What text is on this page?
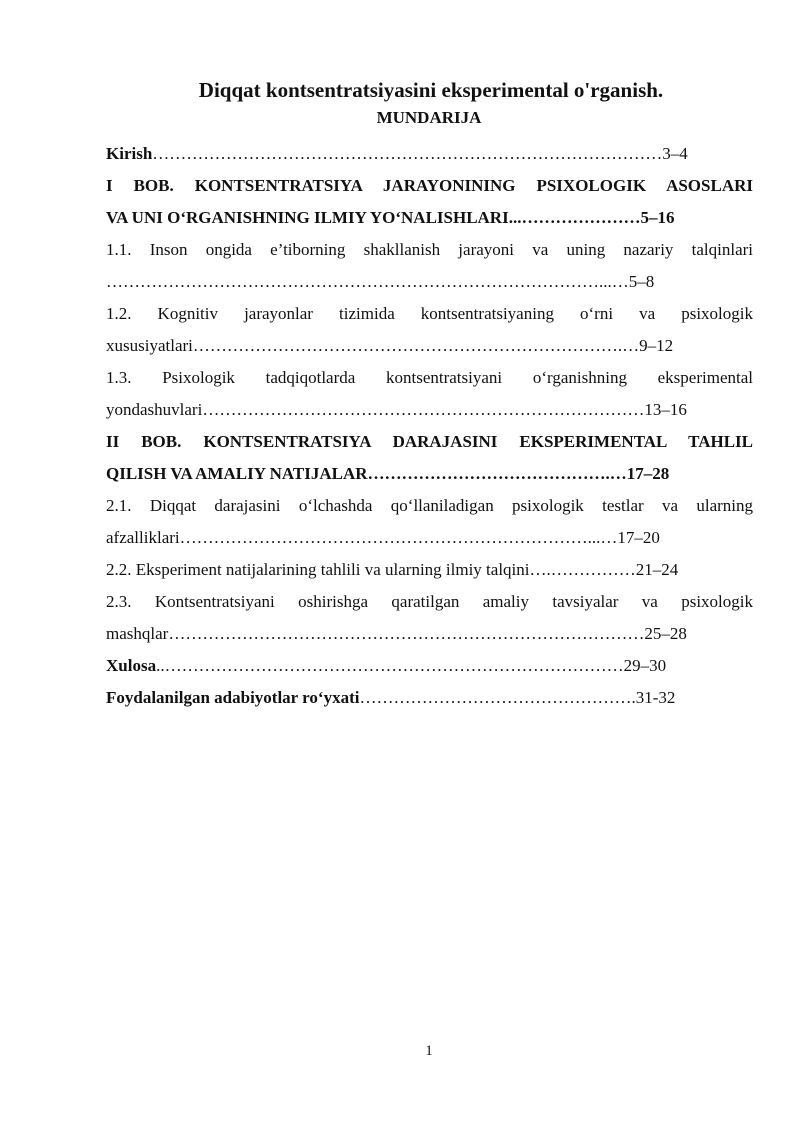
Diqqat kontsentratsiyasini eksperimental o'rganish.
MUNDARIJA
Kirish………………………………………………………………………………3–4
I BOB. KONTSENTRATSIYA JARAYONINING PSIXOLOGIK ASOSLARI
VA UNI O‘RGANISHNING ILMIY YO‘NALISHLARI...…………………5–16
1.1. Inson ongida e’tiborning shakllanish jarayoni va uning nazariy talqinlari
……………………………………………………………………………...…5–8
1.2. Kognitiv jarayonlar tizimida kontsentratsiyaning o‘rni va psixologik
xususiyatlari………………………………………………………………….…9–12
1.3. Psixologik tadqiqotlarda kontsentratsiyani o‘rganishning eksperimental
yondashuvlari……………………………………………………………………13–16
II BOB. KONTSENTRATSIYA DARAJASINI EKSPERIMENTAL TAHLIL
QILISH VA AMALIY NATIJALAR…………………………………….…17–28
2.1. Diqqat darajasini o‘lchashda qo‘llaniladigan psixologik testlar va ularning
afzalliklari………………………………………………………………...…17–20
2.2. Eksperiment natijalarining tahlili va ularning ilmiy talqini….……………21–24
2.3. Kontsentratsiyani oshirishga qaratilgan amaliy tavsiyalar va psixologik
mashqlar…………………………………………………………………………25–28
Xulosa..………………………………………………………………………29–30
Foydalanilgan adabiyotlar ro‘yxati………………………………………….31-32
1
